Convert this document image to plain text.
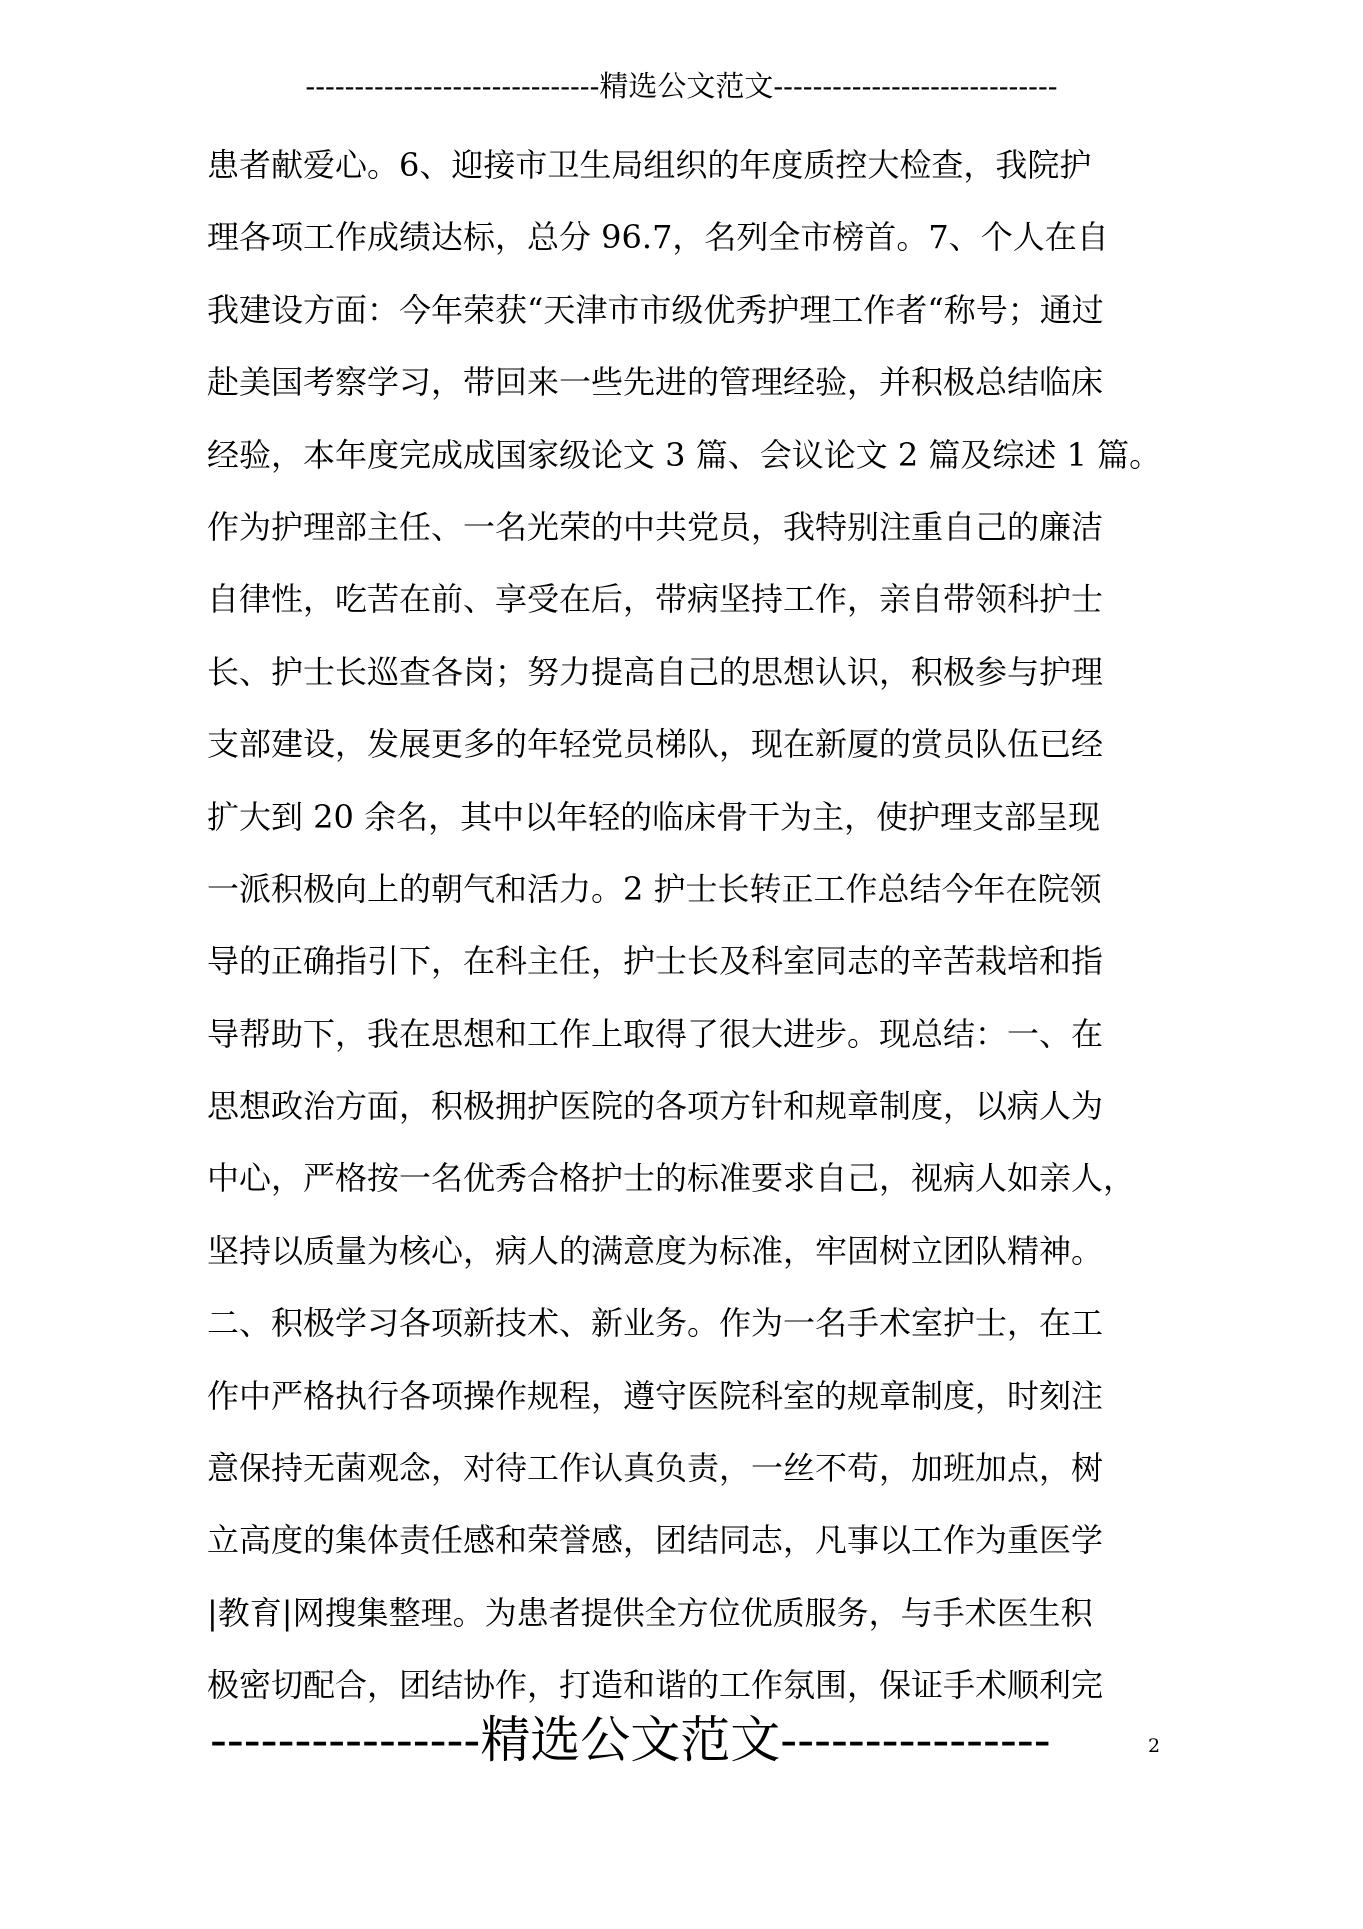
------------------------------精选公文范文-----------------------------
患者献爱心。6、迎接市卫生局组织的年度质控大检查，我院护
理各项工作成绩达标，总分 96.7，名列全市榜首。7、个人在自
我建设方面：今年荣获“天津市市级优秀护理工作者“称号；通过
赴美国考察学习，带回来一些先进的管理经验，并积极总结临床
经验，本年度完成成国家级论文 3 篇、会议论文 2 篇及综述 1 篇。
作为护理部主任、一名光荣的中共党员，我特别注重自己的廉洁
自律性，吃苦在前、享受在后，带病坚持工作，亲自带领科护士
长、护士长巡查各岗；努力提高自己的思想认识，积极参与护理
支部建设，发展更多的年轻党员梯队，现在新厦的赏员队伍已经
扩大到 20 余名，其中以年轻的临床骨干为主，使护理支部呈现
一派积极向上的朝气和活力。2 护士长转正工作总结今年在院领
导的正确指引下，在科主任，护士长及科室同志的辛苦栽培和指
导帮助下，我在思想和工作上取得了很大进步。现总结：一、在
思想政治方面，积极拥护医院的各项方针和规章制度，以病人为
中心，严格按一名优秀合格护士的标准要求自己，视病人如亲人，
坚持以质量为核心，病人的满意度为标准，牢固树立团队精神。
二、积极学习各项新技术、新业务。作为一名手术室护士，在工
作中严格执行各项操作规程，遵守医院科室的规章制度，时刻注
意保持无菌观念，对待工作认真负责，一丝不苟，加班加点，树
立高度的集体责任感和荣誉感，团结同志，凡事以工作为重医学
|教育|网搜集整理。为患者提供全方位优质服务，与手术医生积
极密切配合，团结协作，打造和谐的工作氛围，保证手术顺利完
----------------精选公文范文----------------	2
